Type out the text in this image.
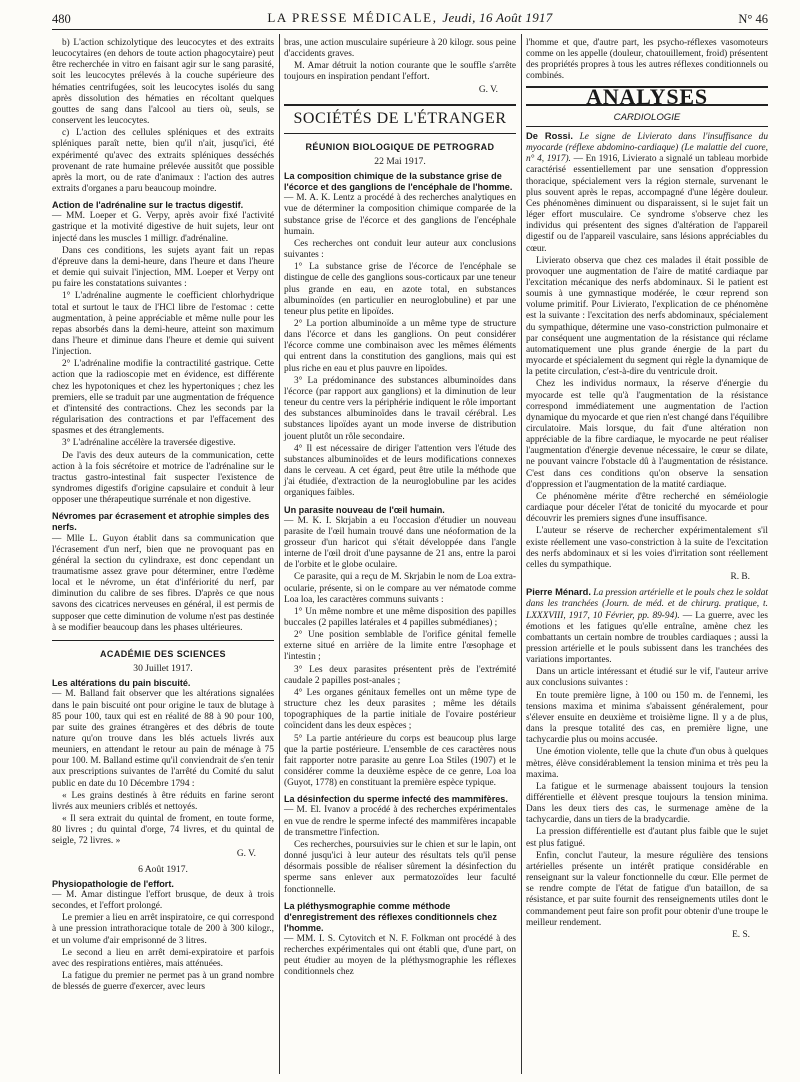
480	LA PRESSE MÉDICALE, Jeudi, 16 Août 1917	N° 46

b) L'action schizolytique des leucocytes et des extraits leucocytaires (en dehors de toute action phagocytaire) peut être recherchée in vitro en faisant agir sur le sang parasité, soit les leucocytes prélevés à la couche supérieure des hématies centrifugées, soit les leucocytes isolés du sang après dissolution des hématies en récoltant quelques gouttes de sang dans l'alcool au tiers où, seuls, se conservent les leucocytes.

c) L'action des cellules spléniques et des extraits spléniques paraît nette, bien qu'il n'ait, jusqu'ici, été expérimenté qu'avec des extraits spléniques desséchés provenant de rate humaine prélevée aussitôt que possible après la mort, ou de rate d'animaux : l'action des autres extraits d'organes a paru beaucoup moindre.

Action de l'adrénaline sur le tractus digestif.

— MM. Loeper et G. Verpy, après avoir fixé l'activité gastrique et la motivité digestive de huit sujets, leur ont injecté dans les muscles 1 milligr. d'adrénaline.

Dans ces conditions, les sujets ayant fait un repas d'épreuve dans la demi-heure, dans l'heure et dans l'heure et demie qui suivait l'injection, MM. Loeper et Verpy ont pu faire les constatations suivantes :

1° L'adrénaline augmente le coefficient chlorhydrique total et surtout le taux de l'HCl libre de l'estomac : cette augmentation, à peine appréciable et même nulle pour les repas absorbés dans la demi-heure, atteint son maximum dans l'heure et diminue dans l'heure et demie qui suivent l'injection.

2° L'adrénaline modifie la contractilité gastrique. Cette action que la radioscopie met en évidence, est différente chez les hypotoniques et chez les hypertoniques ; chez les premiers, elle se traduit par une augmentation de fréquence et d'intensité des contractions. Chez les seconds par la régularisation des contractions et par l'effacement des spasmes et des étranglements.

3° L'adrénaline accélère la traversée digestive.

De l'avis des deux auteurs de la communication, cette action à la fois sécrétoire et motrice de l'adrénaline sur le tractus gastro-intestinal fait suspecter l'existence de syndromes digestifs d'origine capsulaire et conduit à leur opposer une thérapeutique surrénale et non digestive.

Névromes par écrasement et atrophie simples des nerfs.

— Mlle L. Guyon établit dans sa communication que l'écrasement d'un nerf, bien que ne provoquant pas en général la section du cylindraxe, est donc cependant un traumatisme assez grave pour déterminer, entre l'œdème local et le névrome, un état d'infériorité du nerf, par diminution du calibre de ses fibres. D'après ce que nous savons des cicatrices nerveuses en général, il est permis de supposer que cette diminution de volume n'est pas destinée à se modifier beaucoup dans les phases ultérieures.

ACADÉMIE DES SCIENCES
30 Juillet 1917.
Les altérations du pain biscuité.

— M. Balland fait observer que les altérations signalées dans le pain biscuité ont pour origine le taux de blutage à 85 pour 100, taux qui est en réalité de 88 à 90 pour 100, par suite des graines étrangères et des débris de toute nature qu'on trouve dans les blés actuels livrés aux meuniers, en attendant le retour au pain de ménage à 75 pour 100. M. Balland estime qu'il conviendrait de s'en tenir aux prescriptions suivantes de l'arrêté du Comité du salut public en date du 10 Décembre 1794 :

« Les grains destinés à être réduits en farine seront livrés aux meuniers criblés et nettoyés.

« Il sera extrait du quintal de froment, en toute forme, 80 livres ; du quintal d'orge, 74 livres, et du quintal de seigle, 72 livres. »

G. V.
6 Août 1917.
Physiopathologie de l'effort.

— M. Amar distingue l'effort brusque, de deux à trois secondes, et l'effort prolongé.

Le premier a lieu en arrêt inspiratoire, ce qui correspond à une pression intrathoracique totale de 200 à 300 kilogr., et un volume d'air emprisonné de 3 litres.

Le second a lieu en arrêt demi-expiratoire et parfois avec des respirations entières, mais atténuées.

La fatigue du premier ne permet pas à un grand nombre de blessés de guerre d'exercer, avec leurs

bras, une action musculaire supérieure à 20 kilogr. sous peine d'accidents graves.

M. Amar détruit la notion courante que le souffle s'arrête toujours en inspiration pendant l'effort.

G. V.
SOCIÉTÉS DE L'ÉTRANGER
RÉUNION BIOLOGIQUE DE PETROGRAD
22 Mai 1917.
La composition chimique de la substance grise de l'écorce et des ganglions de l'encéphale de l'homme.

— M. A. K. Lentz a procédé à des recherches analytiques en vue de déterminer la composition chimique comparée de la substance grise de l'écorce et des ganglions de l'encéphale humain.

Ces recherches ont conduit leur auteur aux conclusions suivantes :

1° La substance grise de l'écorce de l'encéphale se distingue de celle des ganglions sous-corticaux par une teneur plus grande en eau, en azote total, en substances albuminoïdes (en particulier en neuroglobuline) et par une teneur plus petite en lipoïdes.

2° La portion albuminoïde a un même type de structure dans l'écorce et dans les ganglions. On peut considérer l'écorce comme une combinaison avec les mêmes éléments qui entrent dans la constitution des ganglions, mais qui est plus riche en eau et plus pauvre en lipoïdes.

3° La prédominance des substances albuminoïdes dans l'écorce (par rapport aux ganglions) et la diminution de leur teneur du centre vers la périphérie indiquent le rôle important des substances albuminoïdes dans le travail cérébral. Les substances lipoïdes ayant un mode inverse de distribution jouent plutôt un rôle secondaire.

4° Il est nécessaire de diriger l'attention vers l'étude des substances albuminoïdes et de leurs modifications connexes dans le cerveau. A cet égard, peut être utile la méthode que j'ai étudiée, d'extraction de la neuroglobuline par les acides organiques faibles.

Un parasite nouveau de l'œil humain.

— M. K. I. Skrjabin a eu l'occasion d'étudier un nouveau parasite de l'œil humain trouvé dans une néoformation de la grosseur d'un haricot qui s'était développée dans l'angle interne de l'œil droit d'une paysanne de 21 ans, entre la paroi de l'orbite et le globe oculaire.

Ce parasite, qui a reçu de M. Skrjabin le nom de Loa extra-ocularie, présente, si on le compare au ver nématode comme Loa loa, les caractères communs suivants :

1° Un même nombre et une même disposition des papilles buccales (2 papilles latérales et 4 papilles submédianes) ;

2° Une position semblable de l'orifice génital femelle externe situé en arrière de la limite entre l'œsophage et l'intestin ;

3° Les deux parasites présentent près de l'extrémité caudale 2 papilles post-anales ;

4° Les organes génitaux femelles ont un même type de structure chez les deux parasites ; même les détails topographiques de la partie initiale de l'ovaire postérieur coïncident dans les deux espèces ;

5° La partie antérieure du corps est beaucoup plus large que la partie postérieure. L'ensemble de ces caractères nous fait rapporter notre parasite au genre Loa Stiles (1907) et le considérer comme la deuxième espèce de ce genre, Loa loa (Guyot, 1778) en constituant la première espèce typique.

La désinfection du sperme infecté des mammifères.

— M. El. Ivanov a procédé à des recherches expérimentales en vue de rendre le sperme infecté des mammifères incapable de transmettre l'infection.

Ces recherches, poursuivies sur le chien et sur le lapin, ont donné jusqu'ici à leur auteur des résultats tels qu'il pense désormais possible de réaliser sûrement la désinfection du sperme sans enlever aux permatozoïdes leur faculté fonctionnelle.

La pléthysmographie comme méthode d'enregistrement des réflexes conditionnels chez l'homme.

— MM. I. S. Cytovitch et N. F. Folkman ont procédé à des recherches expérimentales qui ont établi que, d'une part, on peut étudier au moyen de la pléthysmographie les réflexes conditionnels chez

l'homme et que, d'autre part, les psycho-réflexes vasomoteurs comme on les appelle (douleur, chatouillement, froid) présentent des propriétés propres à tous les autres réflexes conditionnels ou combinés.

ANALYSES
CARDIOLOGIE

De Rossi. Le signe de Livierato dans l'insuffisance du myocarde (réflexe abdomino-cardiaque) (Le malattie del cuore, n° 4, 1917). — En 1916, Livierato a signalé un tableau morbide caractérisé essentiellement par une sensation d'oppression thoracique, spécialement vers la région sternale, survenant le plus souvent après le repas, accompagné d'une légère douleur. Ces phénomènes diminuent ou disparaissent, si le sujet fait un léger effort musculaire. Ce syndrome s'observe chez les individus qui présentent des signes d'altération de l'appareil digestif ou de l'appareil vasculaire, sans lésions appréciables du cœur.

Livierato observa que chez ces malades il était possible de provoquer une augmentation de l'aire de matité cardiaque par l'excitation mécanique des nerfs abdominaux. Si le patient est soumis à une gymnastique modérée, le cœur reprend son volume primitif. Pour Livierato, l'explication de ce phénomène est la suivante : l'excitation des nerfs abdominaux, spécialement du sympathique, détermine une vaso-constriction pulmonaire et par conséquent une augmentation de la résistance qui réclame automatiquement une plus grande énergie de la part du myocarde et spécialement du segment qui règle la dynamique de la petite circulation, c'est-à-dire du ventricule droit.

Chez les individus normaux, la réserve d'énergie du myocarde est telle qu'à l'augmentation de la résistance correspond immédiatement une augmentation de l'action dynamique du myocarde et que rien n'est changé dans l'équilibre circulatoire. Mais lorsque, du fait d'une altération non appréciable de la fibre cardiaque, le myocarde ne peut réaliser l'augmentation d'énergie devenue nécessaire, le cœur se dilate, ne pouvant vaincre l'obstacle dû à l'augmentation de résistance. C'est dans ces conditions qu'on observe la sensation d'oppression et l'augmentation de la matité cardiaque.

Ce phénomène mérite d'être recherché en séméiologie cardiaque pour déceler l'état de tonicité du myocarde et pour découvrir les premiers signes d'une insuffisance.

L'auteur se réserve de rechercher expérimentalement s'il existe réellement une vaso-constriction à la suite de l'excitation des nerfs abdominaux et si les voies d'irritation sont réellement celles du sympathique.

R. B.

Pierre Ménard. La pression artérielle et le pouls chez le soldat dans les tranchées (Journ. de méd. et de chirurg. pratique, t. LXXXVIII, 1917, 10 Février, pp. 89-94). — La guerre, avec les émotions et les fatigues qu'elle entraîne, amène chez les combattants un certain nombre de troubles cardiaques ; aussi la pression artérielle et le pouls subissent dans les tranchées des variations importantes.

Dans un article intéressant et étudié sur le vif, l'auteur arrive aux conclusions suivantes :

En toute première ligne, à 100 ou 150 m. de l'ennemi, les tensions maxima et minima s'abaissent généralement, pour s'élever ensuite en deuxième et troisième ligne. Il y a de plus, dans la presque totalité des cas, en première ligne, une tachycardie plus ou moins accusée.

Une émotion violente, telle que la chute d'un obus à quelques mètres, élève considérablement la tension minima et très peu la maxima.

La fatigue et le surmenage abaissent toujours la tension différentielle et élèvent presque toujours la tension minima. Dans les deux tiers des cas, le surmenage amène de la tachycardie, dans un tiers de la bradycardie.

La pression différentielle est d'autant plus faible que le sujet est plus fatigué.

Enfin, conclut l'auteur, la mesure régulière des tensions artérielles présente un intérêt pratique considérable en renseignant sur la valeur fonctionnelle du cœur. Elle permet de se rendre compte de l'état de fatigue d'un bataillon, de sa résistance, et par suite fournit des renseignements utiles dont le commandement peut faire son profit pour obtenir d'une troupe le meilleur rendement.

E. S.
